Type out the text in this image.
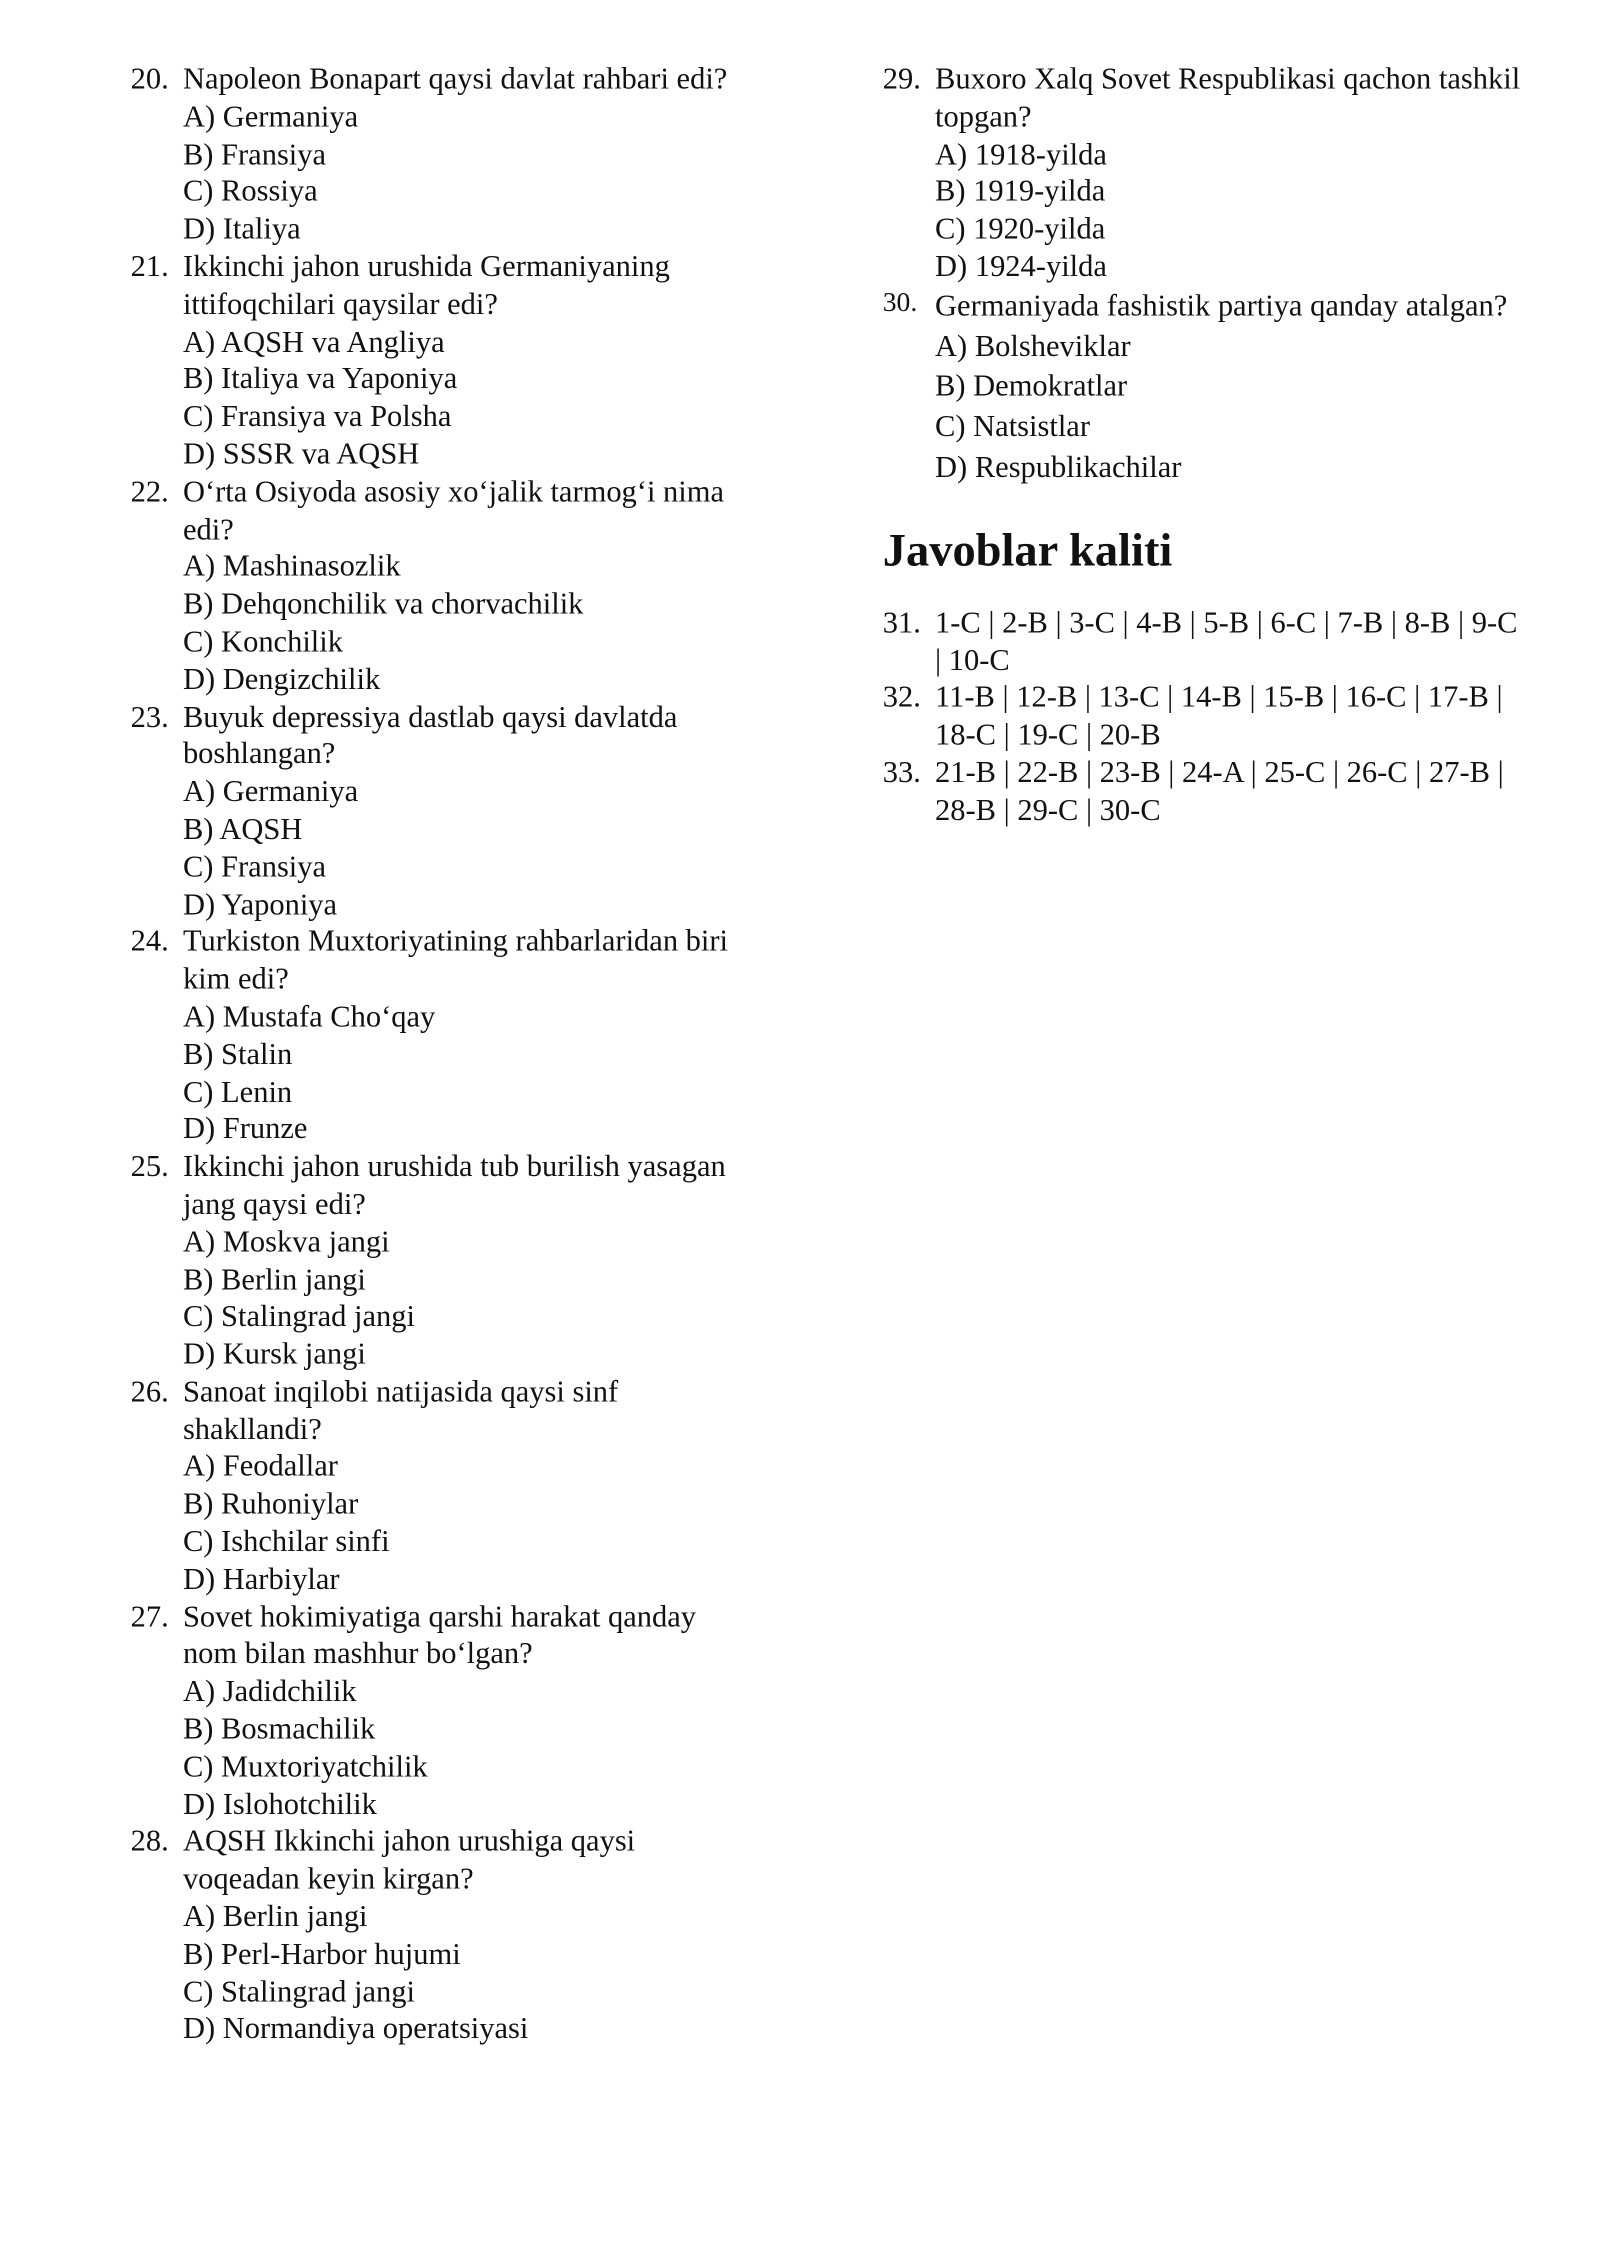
20. Napoleon Bonapart qaysi davlat rahbari edi?
A) Germaniya
B) Fransiya
C) Rossiya
D) Italiya
21. Ikkinchi jahon urushida Germaniyaning ittifoqchilari qaysilar edi?
A) AQSH va Angliya
B) Italiya va Yaponiya
C) Fransiya va Polsha
D) SSSR va AQSH
22. O‘rta Osiyoda asosiy xo‘jalik tarmog‘i nima edi?
A) Mashinasozlik
B) Dehqonchilik va chorvachilik
C) Konchilik
D) Dengizchilik
23. Buyuk depressiya dastlab qaysi davlatda boshlangan?
A) Germaniya
B) AQSH
C) Fransiya
D) Yaponiya
24. Turkiston Muxtoriyatining rahbarlaridan biri kim edi?
A) Mustafa Cho‘qay
B) Stalin
C) Lenin
D) Frunze
25. Ikkinchi jahon urushida tub burilish yasagan jang qaysi edi?
A) Moskva jangi
B) Berlin jangi
C) Stalingrad jangi
D) Kursk jangi
26. Sanoat inqilobi natijasida qaysi sinf shakllandi?
A) Feodallar
B) Ruhoniylar
C) Ishchilar sinfi
D) Harbiylar
27. Sovet hokimiyatiga qarshi harakat qanday nom bilan mashhur bo‘lgan?
A) Jadidchilik
B) Bosmachilik
C) Muxtoriyatchilik
D) Islohotchilik
28. AQSH Ikkinchi jahon urushiga qaysi voqeadan keyin kirgan?
A) Berlin jangi
B) Perl-Harbor hujumi
C) Stalingrad jangi
D) Normandiya operatsiyasi
29. Buxoro Xalq Sovet Respublikasi qachon tashkil topgan?
A) 1918-yilda
B) 1919-yilda
C) 1920-yilda
D) 1924-yilda
30. Germaniyada fashistik partiya qanday atalgan?
A) Bolsheviklar
B) Demokratlar
C) Natsistlar
D) Respublikachilar
Javoblar kaliti
31. 1-C | 2-B | 3-C | 4-B | 5-B | 6-C | 7-B | 8-B | 9-C | 10-C
32. 11-B | 12-B | 13-C | 14-B | 15-B | 16-C | 17-B | 18-C | 19-C | 20-B
33. 21-B | 22-B | 23-B | 24-A | 25-C | 26-C | 27-B | 28-B | 29-C | 30-C
